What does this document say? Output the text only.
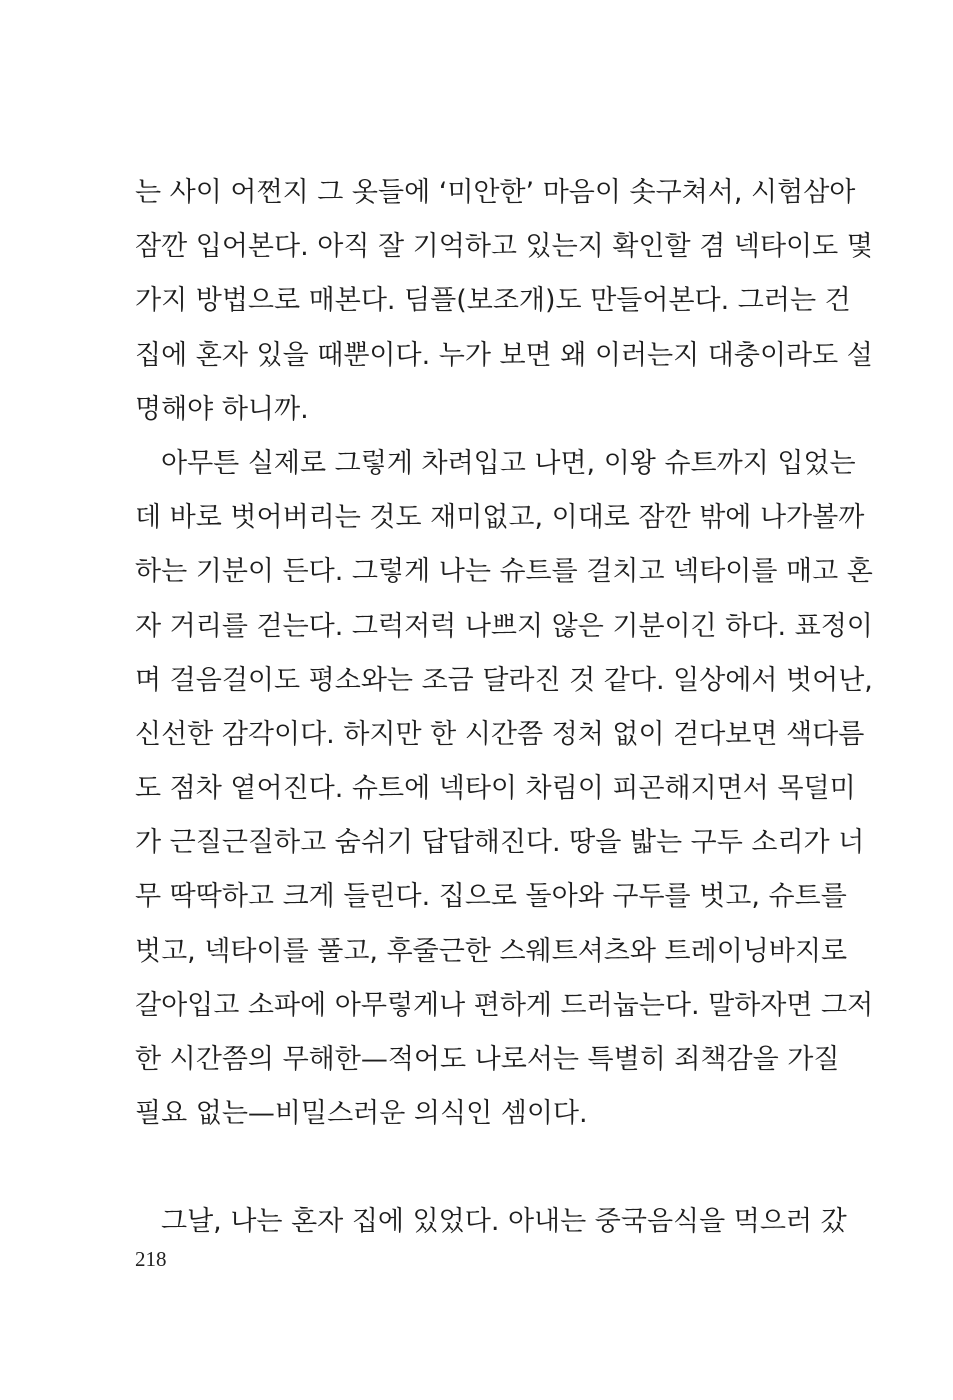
는 사이 어쩐지 그 옷들에 ‘미안한’ 마음이 솟구쳐서, 시험삼아
잠깐 입어본다. 아직 잘 기억하고 있는지 확인할 겸 넥타이도 몇
가지 방법으로 매본다. 딤플(보조개)도 만들어본다. 그러는 건
집에 혼자 있을 때뿐이다. 누가 보면 왜 이러는지 대충이라도 설
명해야 하니까.
아무튼 실제로 그렇게 차려입고 나면, 이왕 슈트까지 입었는
데 바로 벗어버리는 것도 재미없고, 이대로 잠깐 밖에 나가볼까
하는 기분이 든다. 그렇게 나는 슈트를 걸치고 넥타이를 매고 혼
자 거리를 걷는다. 그럭저럭 나쁘지 않은 기분이긴 하다. 표정이
며 걸음걸이도 평소와는 조금 달라진 것 같다. 일상에서 벗어난,
신선한 감각이다. 하지만 한 시간쯤 정처 없이 걷다보면 색다름
도 점차 옅어진다. 슈트에 넥타이 차림이 피곤해지면서 목덜미
가 근질근질하고 숨쉬기 답답해진다. 땅을 밟는 구두 소리가 너
무 딱딱하고 크게 들린다. 집으로 돌아와 구두를 벗고, 슈트를
벗고, 넥타이를 풀고, 후줄근한 스웨트셔츠와 트레이닝바지로
갈아입고 소파에 아무렇게나 편하게 드러눕는다. 말하자면 그저
한 시간쯤의 무해한—적어도 나로서는 특별히 죄책감을 가질
필요 없는—비밀스러운 의식인 셈이다.
그날, 나는 혼자 집에 있었다. 아내는 중국음식을 먹으러 갔
218
